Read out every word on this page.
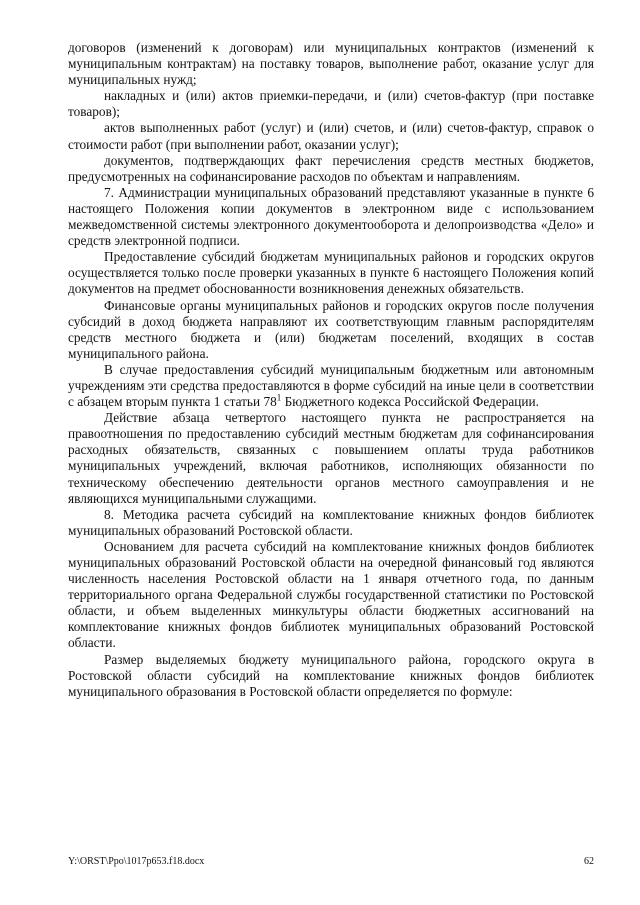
договоров (изменений к договорам) или муниципальных контрактов (изменений к муниципальным контрактам) на поставку товаров, выполнение работ, оказание услуг для муниципальных нужд;

накладных и (или) актов приемки-передачи, и (или) счетов-фактур (при поставке товаров);

актов выполненных работ (услуг) и (или) счетов, и (или) счетов-фактур, справок о стоимости работ (при выполнении работ, оказании услуг);

документов, подтверждающих факт перечисления средств местных бюджетов, предусмотренных на софинансирование расходов по объектам и направлениям.

7. Администрации муниципальных образований представляют указанные в пункте 6 настоящего Положения копии документов в электронном виде с использованием межведомственной системы электронного документооборота и делопроизводства «Дело» и средств электронной подписи.

Предоставление субсидий бюджетам муниципальных районов и городских округов осуществляется только после проверки указанных в пункте 6 настоящего Положения копий документов на предмет обоснованности возникновения денежных обязательств.

Финансовые органы муниципальных районов и городских округов после получения субсидий в доход бюджета направляют их соответствующим главным распорядителям средств местного бюджета и (или) бюджетам поселений, входящих в состав муниципального района.

В случае предоставления субсидий муниципальным бюджетным или автономным учреждениям эти средства предоставляются в форме субсидий на иные цели в соответствии с абзацем вторым пункта 1 статьи $78^1$ Бюджетного кодекса Российской Федерации.

Действие абзаца четвертого настоящего пункта не распространяется на правоотношения по предоставлению субсидий местным бюджетам для софинансирования расходных обязательств, связанных с повышением оплаты труда работников муниципальных учреждений, включая работников, исполняющих обязанности по техническому обеспечению деятельности органов местного самоуправления и не являющихся муниципальными служащими.

8. Методика расчета субсидий на комплектование книжных фондов библиотек муниципальных образований Ростовской области.

Основанием для расчета субсидий на комплектование книжных фондов библиотек муниципальных образований Ростовской области на очередной финансовый год являются численность населения Ростовской области на 1 января отчетного года, по данным территориального органа Федеральной службы государственной статистики по Ростовской области, и объем выделенных минкультуры области бюджетных ассигнований на комплектование книжных фондов библиотек муниципальных образований Ростовской области.

Размер выделяемых бюджету муниципального района, городского округа в Ростовской области субсидий на комплектование книжных фондов библиотек муниципального образования в Ростовской области определяется по формуле:

Y:\ORST\Ppo\1017p653.f18.docx	62
